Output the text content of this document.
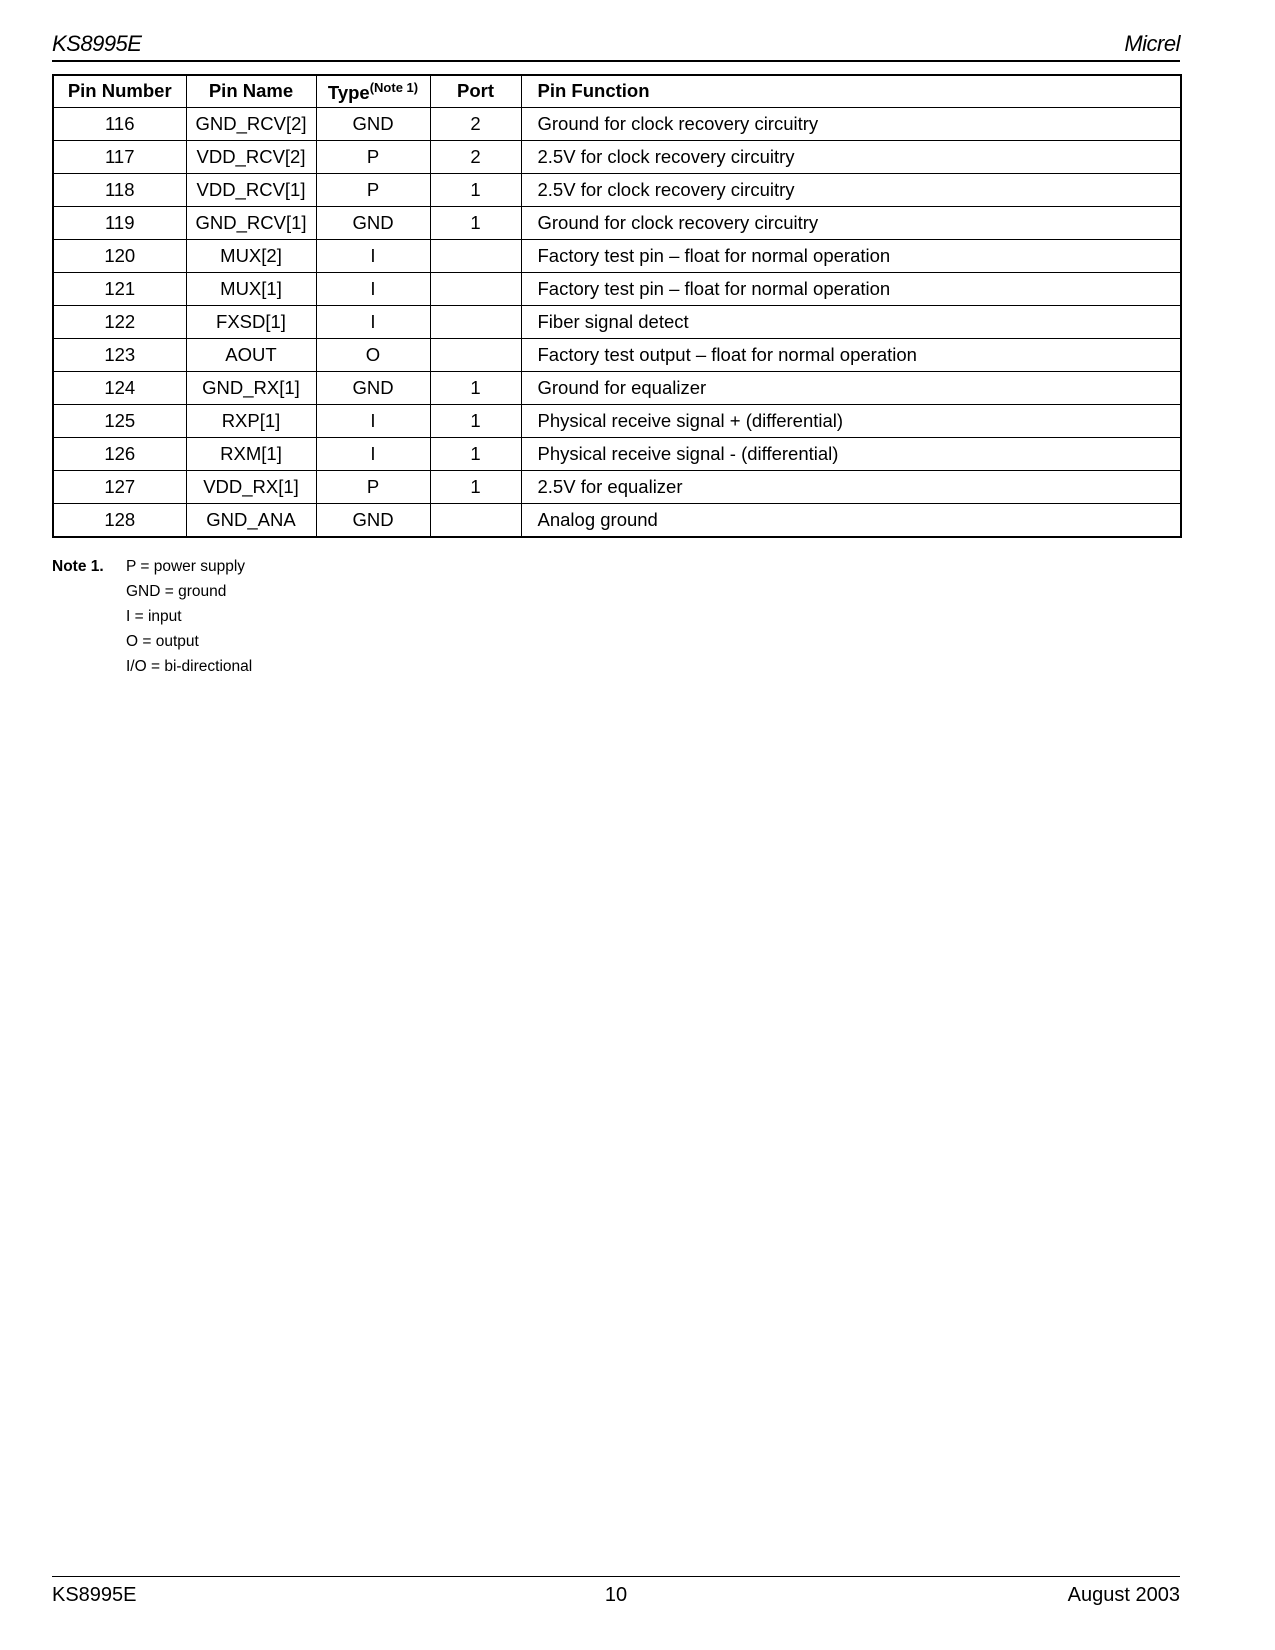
KS8995E	Micrel
Pin Number	Pin Name	Type$^{(Note 1)}$	Port	Pin Function
116	GND_RCV[2]	GND	2	Ground for clock recovery circuitry
117	VDD_RCV[2]	P	2	2.5V for clock recovery circuitry
118	VDD_RCV[1]	P	1	2.5V for clock recovery circuitry
119	GND_RCV[1]	GND	1	Ground for clock recovery circuitry
120	MUX[2]	I		Factory test pin – float for normal operation
121	MUX[1]	I		Factory test pin – float for normal operation
122	FXSD[1]	I		Fiber signal detect
123	AOUT	O		Factory test output – float for normal operation
124	GND_RX[1]	GND	1	Ground for equalizer
125	RXP[1]	I	1	Physical receive signal + (differential)
126	RXM[1]	I	1	Physical receive signal - (differential)
127	VDD_RX[1]	P	1	2.5V for equalizer
128	GND_ANA	GND		Analog ground
Note 1.	P = power supply
GND = ground
I = input
O = output
I/O = bi-directional
KS8995E	10	August 2003
